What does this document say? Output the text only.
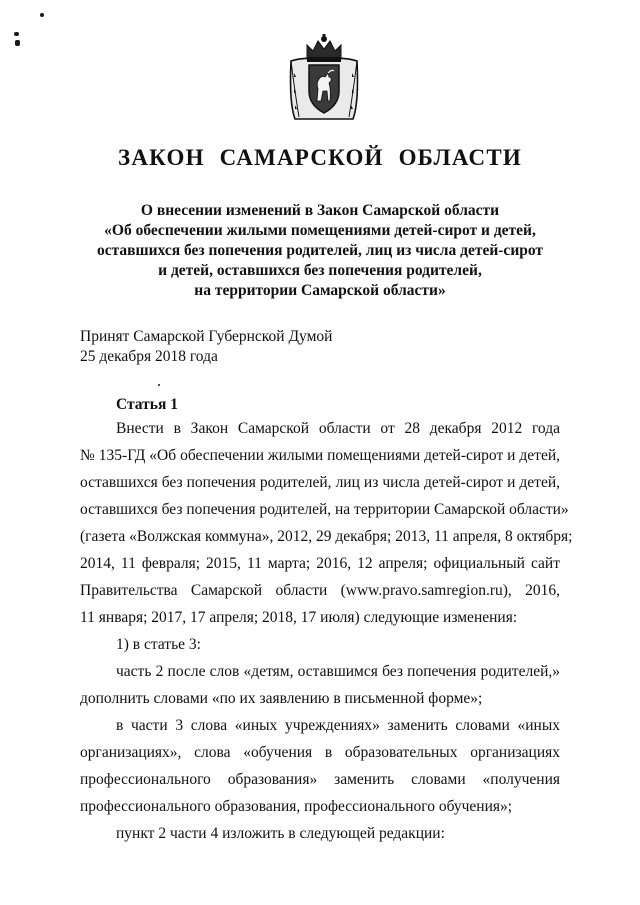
ЗАКОН САМАРСКОЙ ОБЛАСТИ
О внесении изменений в Закон Самарской области
«Об обеспечении жилыми помещениями детей-сирот и детей,
оставшихся без попечения родителей, лиц из числа детей-сирот
и детей, оставшихся без попечения родителей,
на территории Самарской области»
Принят Самарской Губернской Думой
25 декабря 2018 года
Статья 1
Внести в Закон Самарской области от 28 декабря 2012 года
№ 135-ГД «Об обеспечении жилыми помещениями детей-сирот и детей,
оставшихся без попечения родителей, лиц из числа детей-сирот и детей,
оставшихся без попечения родителей, на территории Самарской области»
(газета «Волжская коммуна», 2012, 29 декабря; 2013, 11 апреля, 8 октября;
2014, 11 февраля; 2015, 11 марта; 2016, 12 апреля; официальный сайт
Правительства Самарской области (www.pravo.samregion.ru), 2016,
11 января; 2017, 17 апреля; 2018, 17 июля) следующие изменения:
1) в статье 3:
часть 2 после слов «детям, оставшимся без попечения родителей,»
дополнить словами «по их заявлению в письменной форме»;
в части 3 слова «иных учреждениях» заменить словами «иных
организациях», слова «обучения в образовательных организациях
профессионального образования» заменить словами «получения
профессионального образования, профессионального обучения»;
пункт 2 части 4 изложить в следующей редакции:
